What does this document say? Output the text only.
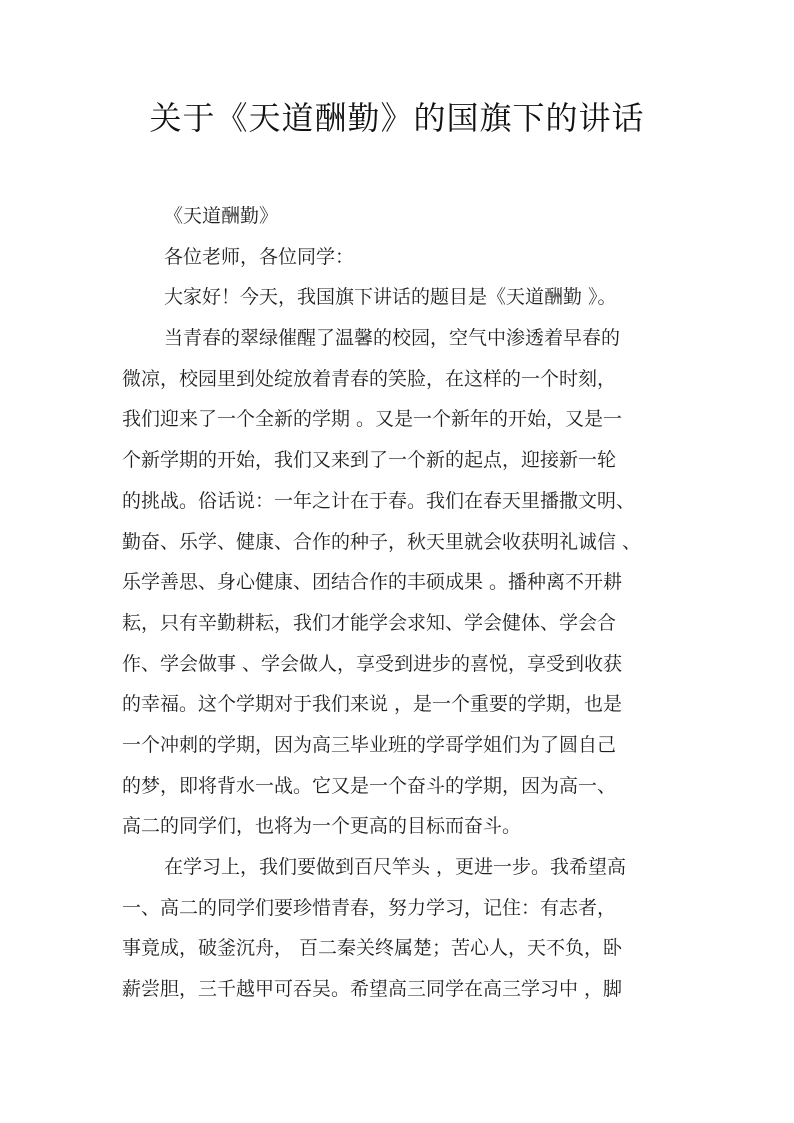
关于《天道酬勤》的国旗下的讲话
《天道酬勤》
各位老师，各位同学：
大家好！今天，我国旗下讲话的题目是《天道酬勤 》。
当青春的翠绿催醒了温馨的校园，空气中渗透着早春的
微凉，校园里到处绽放着青春的笑脸，在这样的一个时刻，
我们迎来了一个全新的学期 。又是一个新年的开始，又是一
个新学期的开始，我们又来到了一个新的起点，迎接新一轮
的挑战。俗话说：一年之计在于春。我们在春天里播撒文明、
勤奋、乐学、健康、合作的种子，秋天里就会收获明礼诚信 、
乐学善思、身心健康、团结合作的丰硕成果 。播种离不开耕
耘，只有辛勤耕耘，我们才能学会求知、学会健体、学会合
作、学会做事 、学会做人，享受到进步的喜悦，享受到收获
的幸福。这个学期对于我们来说 ，是一个重要的学期，也是
一个冲刺的学期，因为高三毕业班的学哥学姐们为了圆自己
的梦，即将背水一战。它又是一个奋斗的学期，因为高一、
高二的同学们，也将为一个更高的目标而奋斗。
在学习上，我们要做到百尺竿头 ，更进一步。我希望高
一、高二的同学们要珍惜青春，努力学习，记住：有志者，
事竟成，破釜沉舟， 百二秦关终属楚；苦心人，天不负，卧
薪尝胆，三千越甲可吞吴。希望高三同学在高三学习中 ，脚
